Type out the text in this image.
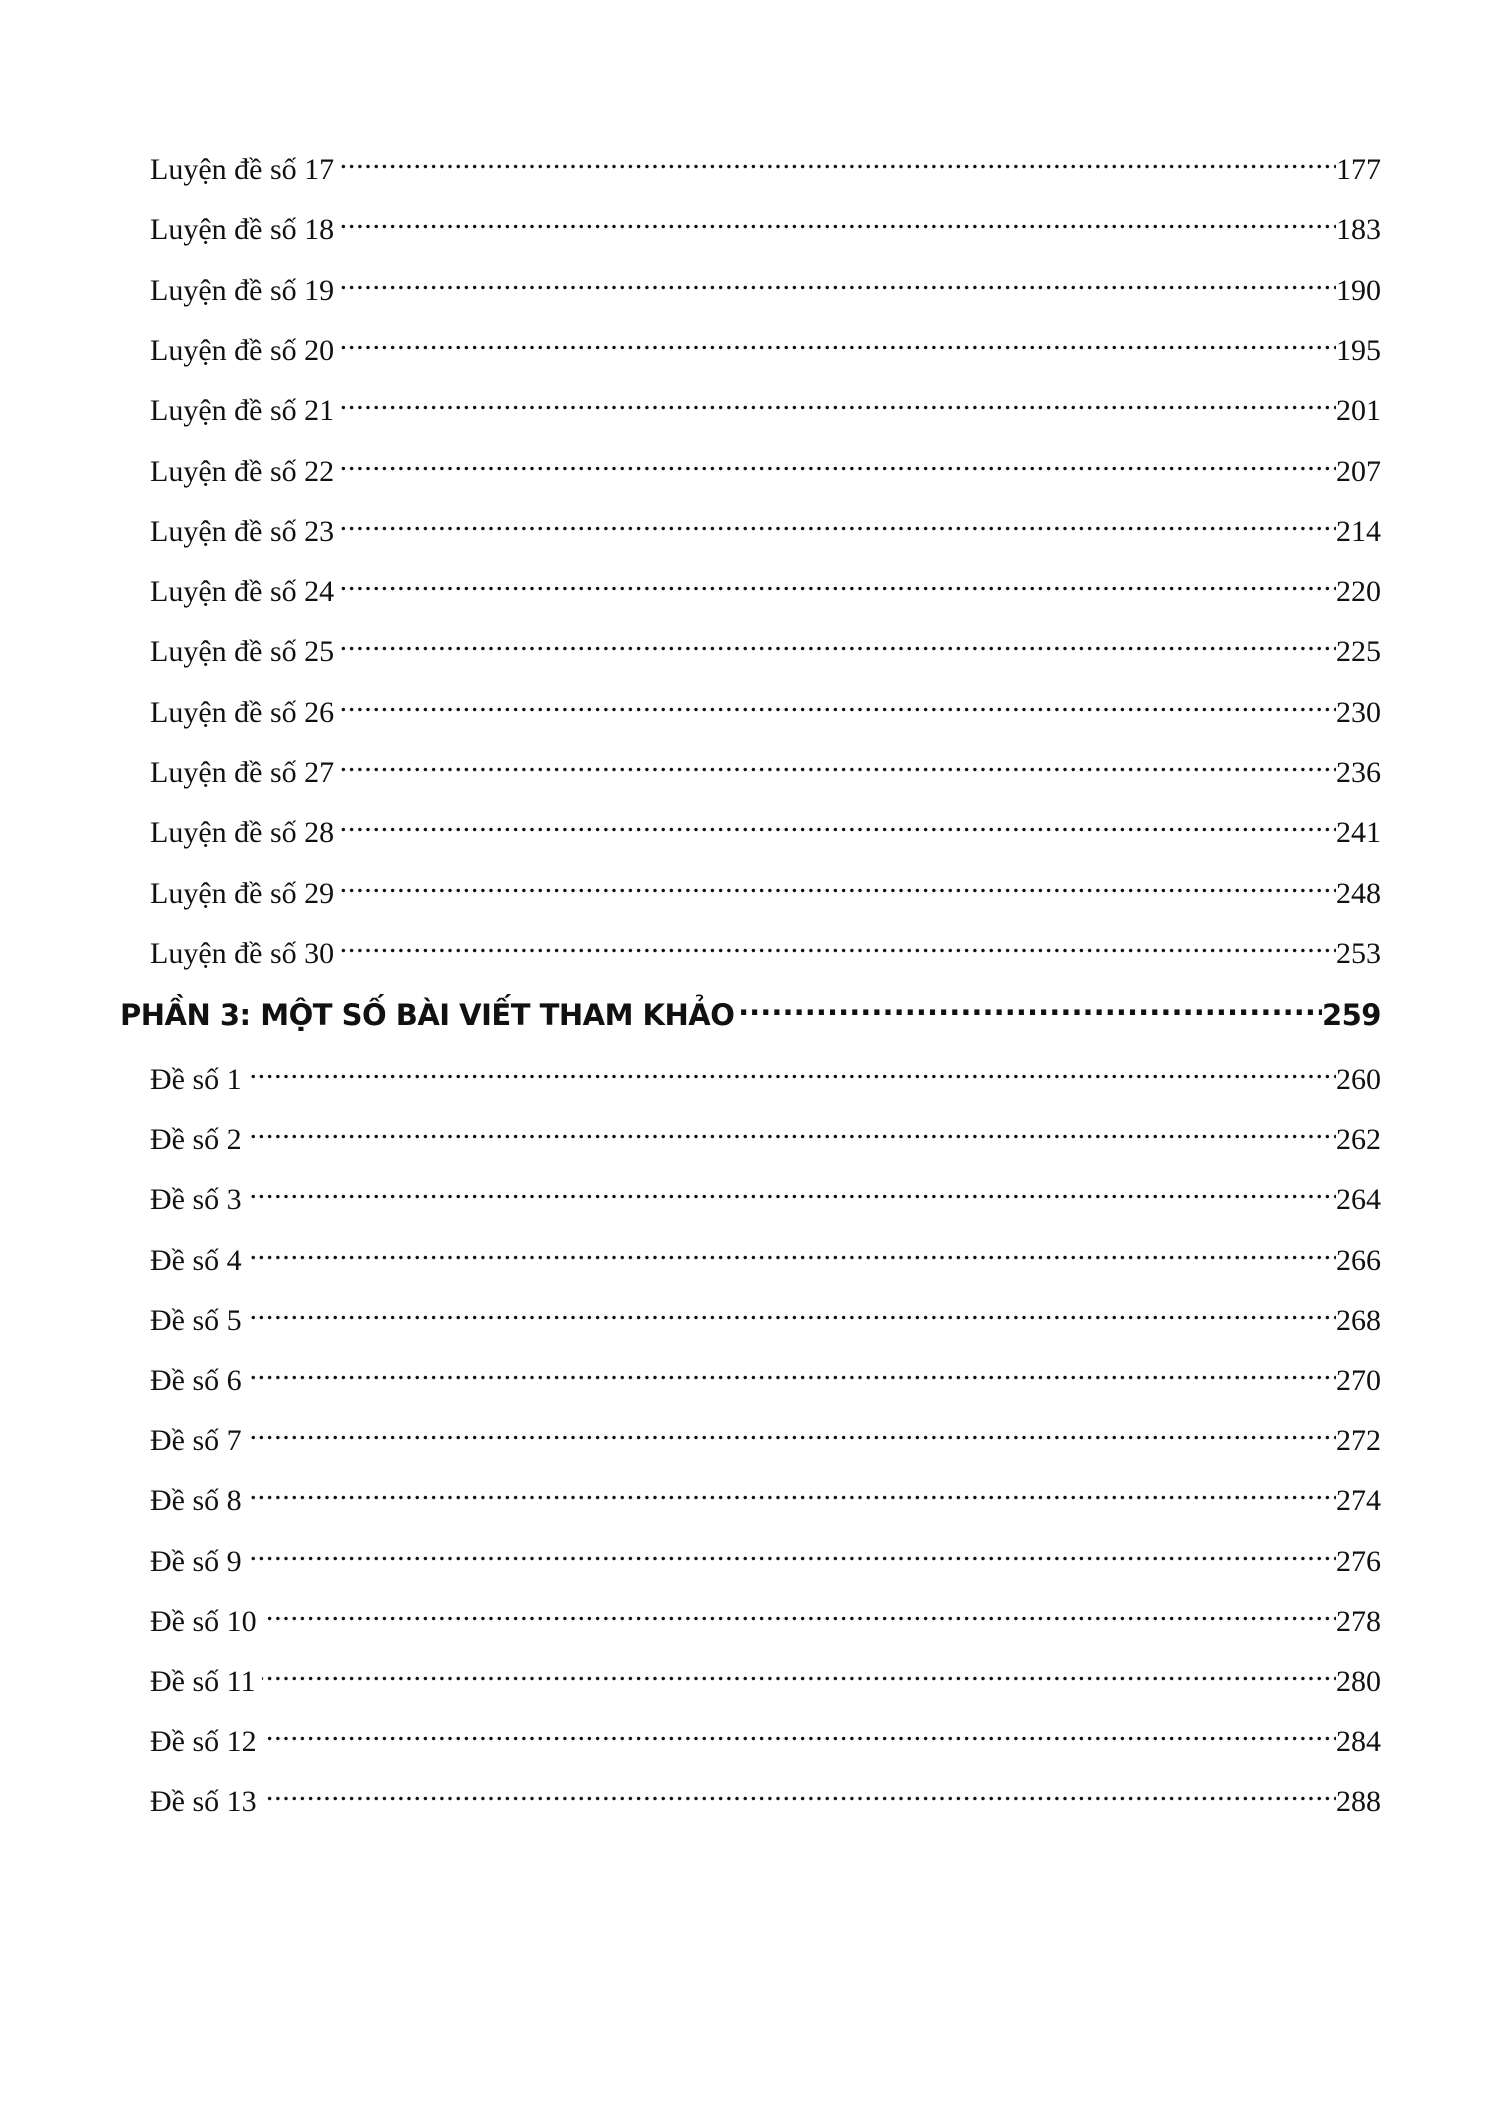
Luyện đề số 17 . . .	177
Luyện đề số 18 . . .	183
Luyện đề số 19 . . .	190
Luyện đề số 20 . . .	195
Luyện đề số 21 . . .	201
Luyện đề số 22 . . .	207
Luyện đề số 23 . . .	214
Luyện đề số 24 . . .	220
Luyện đề số 25 . . .	225
Luyện đề số 26 . . .	230
Luyện đề số 27 . . .	236
Luyện đề số 28 . . .	241
Luyện đề số 29 . . .	248
Luyện đề số 30 . . .	253
PHẦN 3: MỘT SỐ BÀI VIẾT THAM KHẢO . . .	259
Đề số 1 . . .	260
Đề số 2 . . .	262
Đề số 3 . . .	264
Đề số 4 . . .	266
Đề số 5 . . .	268
Đề số 6 . . .	270
Đề số 7 . . .	272
Đề số 8 . . .	274
Đề số 9 . . .	276
Đề số 10 . . .	278
Đề số 11 . . .	280
Đề số 12 . . .	284
Đề số 13 . . .	288
